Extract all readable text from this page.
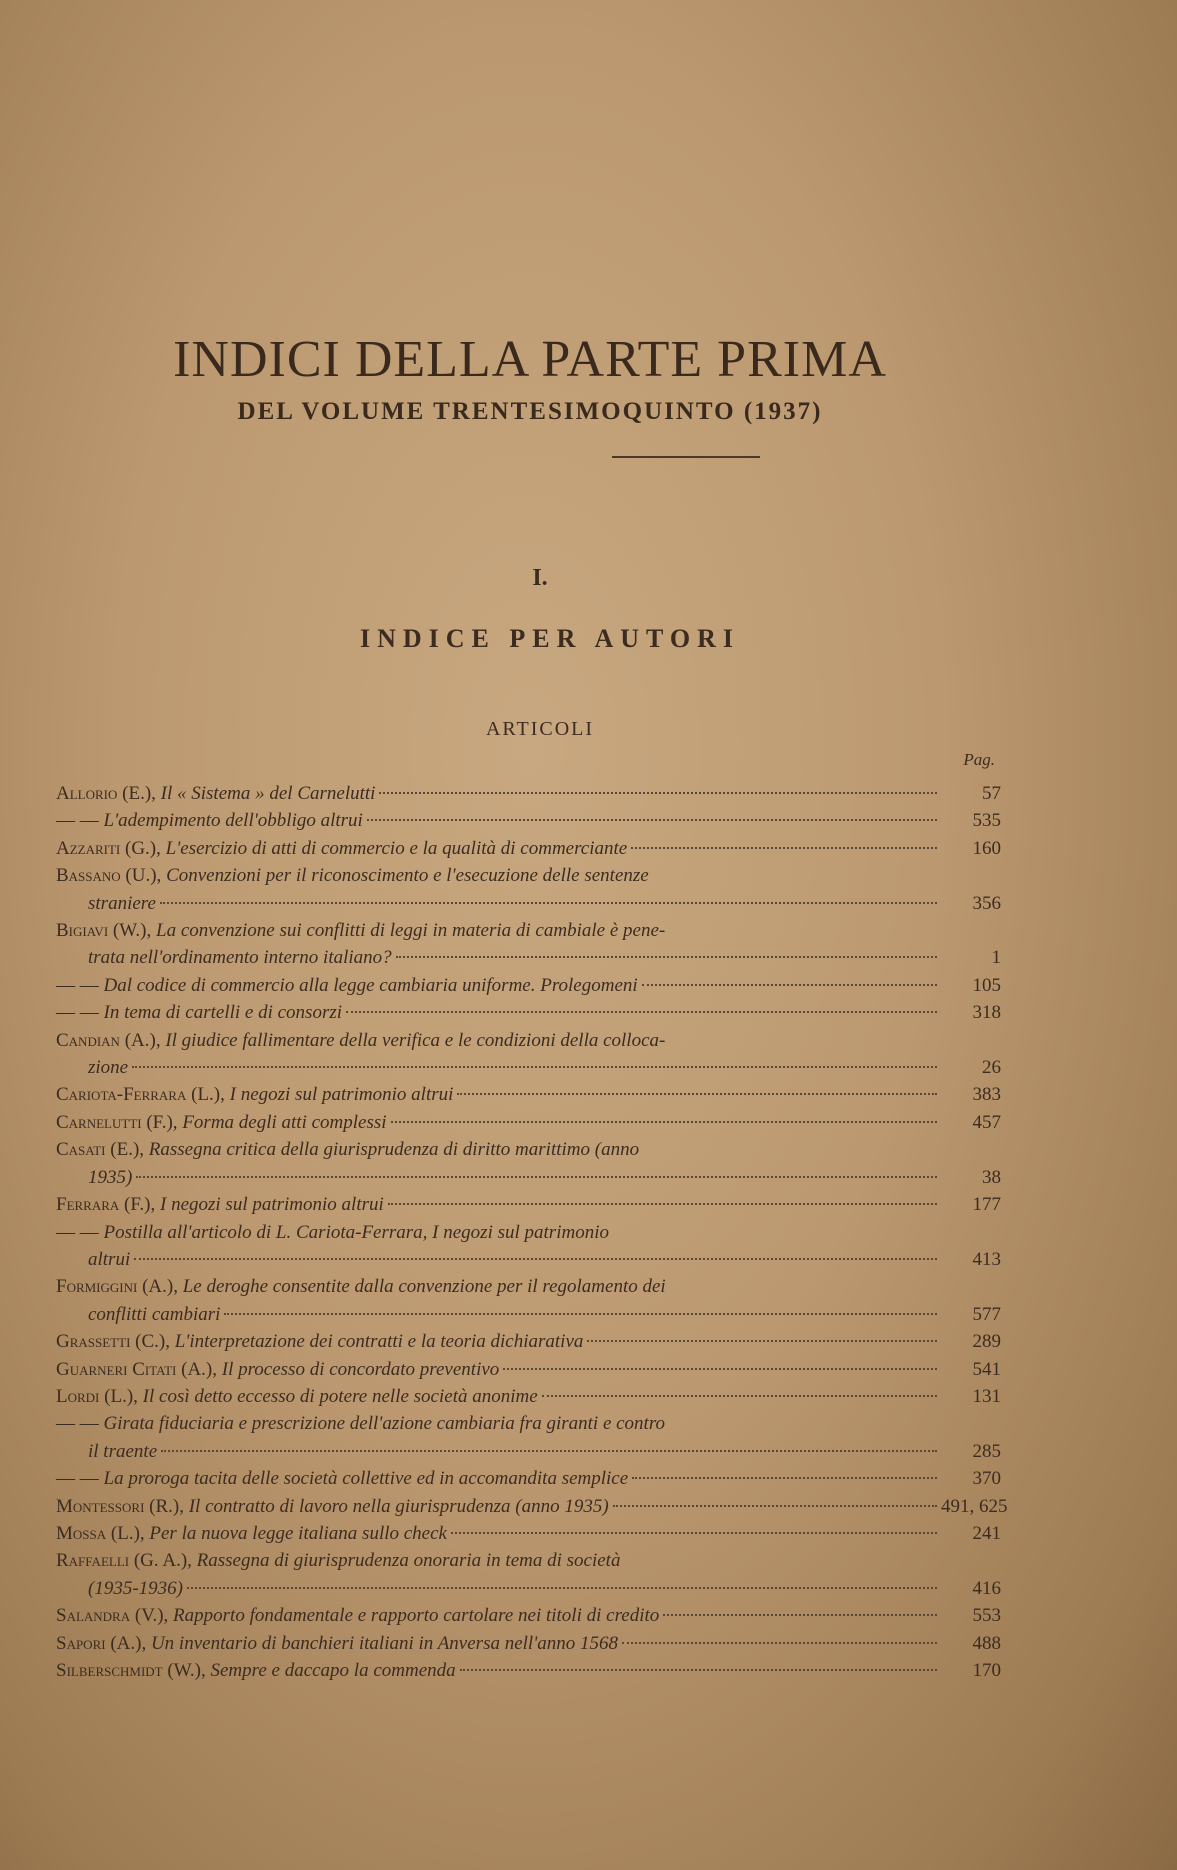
INDICI DELLA PARTE PRIMA
DEL VOLUME TRENTESIMOQUINTO (1937)
I.
INDICE PER AUTORI
ARTICOLI
Pag.
Allorio (E.),
Il « Sistema » del Carnelutti	57
— —
L'adempimento dell'obbligo altrui	535
Azzariti (G.),
L'esercizio di atti di commercio e la qualità di commerciante	160
Bassano (U.),
Convenzioni per il riconoscimento e l'esecuzione delle sentenze
straniere	356
Bigiavi (W.),
La convenzione sui conflitti di leggi in materia di cambiale è pene-
trata nell'ordinamento interno italiano?	1
— —
Dal codice di commercio alla legge cambiaria uniforme. Prolegomeni	105
— —
In tema di cartelli e di consorzi	318
Candian (A.),
Il giudice fallimentare della verifica e le condizioni della colloca-
zione	26
Cariota-Ferrara (L.),
I negozi sul patrimonio altrui	383
Carnelutti (F.),
Forma degli atti complessi	457
Casati (E.),
Rassegna critica della giurisprudenza di diritto marittimo (anno
1935)	38
Ferrara (F.),
I negozi sul patrimonio altrui	177
— —
Postilla all'articolo di L. Cariota-Ferrara, I negozi sul patrimonio
altrui	413
Formiggini (A.),
Le deroghe consentite dalla convenzione per il regolamento dei
conflitti cambiari	577
Grassetti (C.),
L'interpretazione dei contratti e la teoria dichiarativa	289
Guarneri Citati (A.),
Il processo di concordato preventivo	541
Lordi (L.),
Il così detto eccesso di potere nelle società anonime	131
— —
Girata fiduciaria e prescrizione dell'azione cambiaria fra giranti e contro
il traente	285
— —
La proroga tacita delle società collettive ed in accomandita semplice	370
Montessori (R.),
Il contratto di lavoro nella giurisprudenza (anno 1935)	491, 625
Mossa (L.),
Per la nuova legge italiana sullo check	241
Raffaelli (G. A.),
Rassegna di giurisprudenza onoraria in tema di società
(1935-1936)	416
Salandra (V.),
Rapporto fondamentale e rapporto cartolare nei titoli di credito	553
Sapori (A.),
Un inventario di banchieri italiani in Anversa nell'anno 1568	488
Silberschmidt (W.),
Sempre e daccapo la commenda	170
